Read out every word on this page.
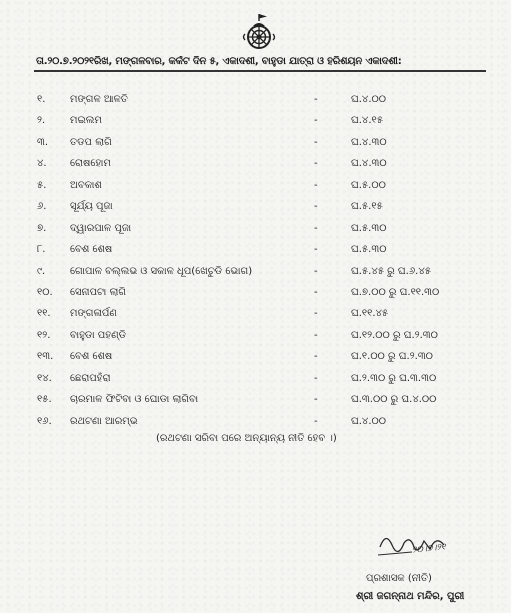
ତା.୨୦.୭.୨୦୨୧ରିଖ, ମଙ୍ଗଳବାର, କର୍କଟ ଦିନ ୫, ଏକାଦଶୀ, ବାହୁଡା ଯାତ୍ରା ଓ ହରିଶୟନ ଏକାଦଶୀ:
୧. ମଙ୍ଗଳ ଆଳତି	-	ଘ.୪.୦୦
୨. ମଇଲମ	-	ଘ.୪.୧୫
୩. ତଡପ ଲାଗି	-	ଘ.୪.୩୦
୪. ରୋଷହୋମ	-	ଘ.୪.୩୦
୫. ଅବକାଶ	-	ଘ.୫.୦୦
୬. ସୂର୍ଯ୍ୟ ପୂଜା	-	ଘ.୫.୧୫
୭. ଦ୍ୱାରପାଳ ପୂଜା	-	ଘ.୫.୩୦
୮. ବେଶ ଶେଷ	-	ଘ.୫.୩୦
୯. ଗୋପାଳ ବଲ୍ଲଭ ଓ ସକାଳ ଧୂପ(ଖେଚୁଡି ଭୋଗ)	-	ଘ.୫.୪୫ ରୁ ଘ.୬.୪୫
୧୦. ସେନାପଟା ଲାଗି	-	ଘ.୭.୦୦ ରୁ ଘ.୧୧.୩୦
୧୧. ମଙ୍ଗଳାର୍ପଣ	-	ଘ.୧୧.୪୫
୧୨. ବାହୁଡା ପହଣ୍ଡି	-	ଘ.୧୨.୦୦ ରୁ ଘ.୨.୩୦
୧୩. ବେଶ ଶେଷ	-	ଘ.୧.୦୦ ରୁ ଘ.୨.୩୦
୧୪. ଛେରାପହଁରା	-	ଘ.୨.୩୦ ରୁ ଘ.୩.୩୦
୧୫. ଚାରମାଳ ଫିଟିବା ଓ ଘୋଡା ଲାଗିବା	-	ଘ.୩.୦୦ ରୁ ଘ.୪.୦୦
୧୬. ରଥଟଣା ଆରମ୍ଭ	-	ଘ.୪.୦୦
(ରଥଟଣା ସରିବା ପରେ ଅନ୍ୟାନ୍ୟ ନୀତି ହେବ ।)
୨୦।୭।୨୧
ପ୍ରଶାସକ (ନୀତି)
ଶ୍ରୀ ଜଗନ୍ନାଥ ମନ୍ଦିର, ପୁରୀ
